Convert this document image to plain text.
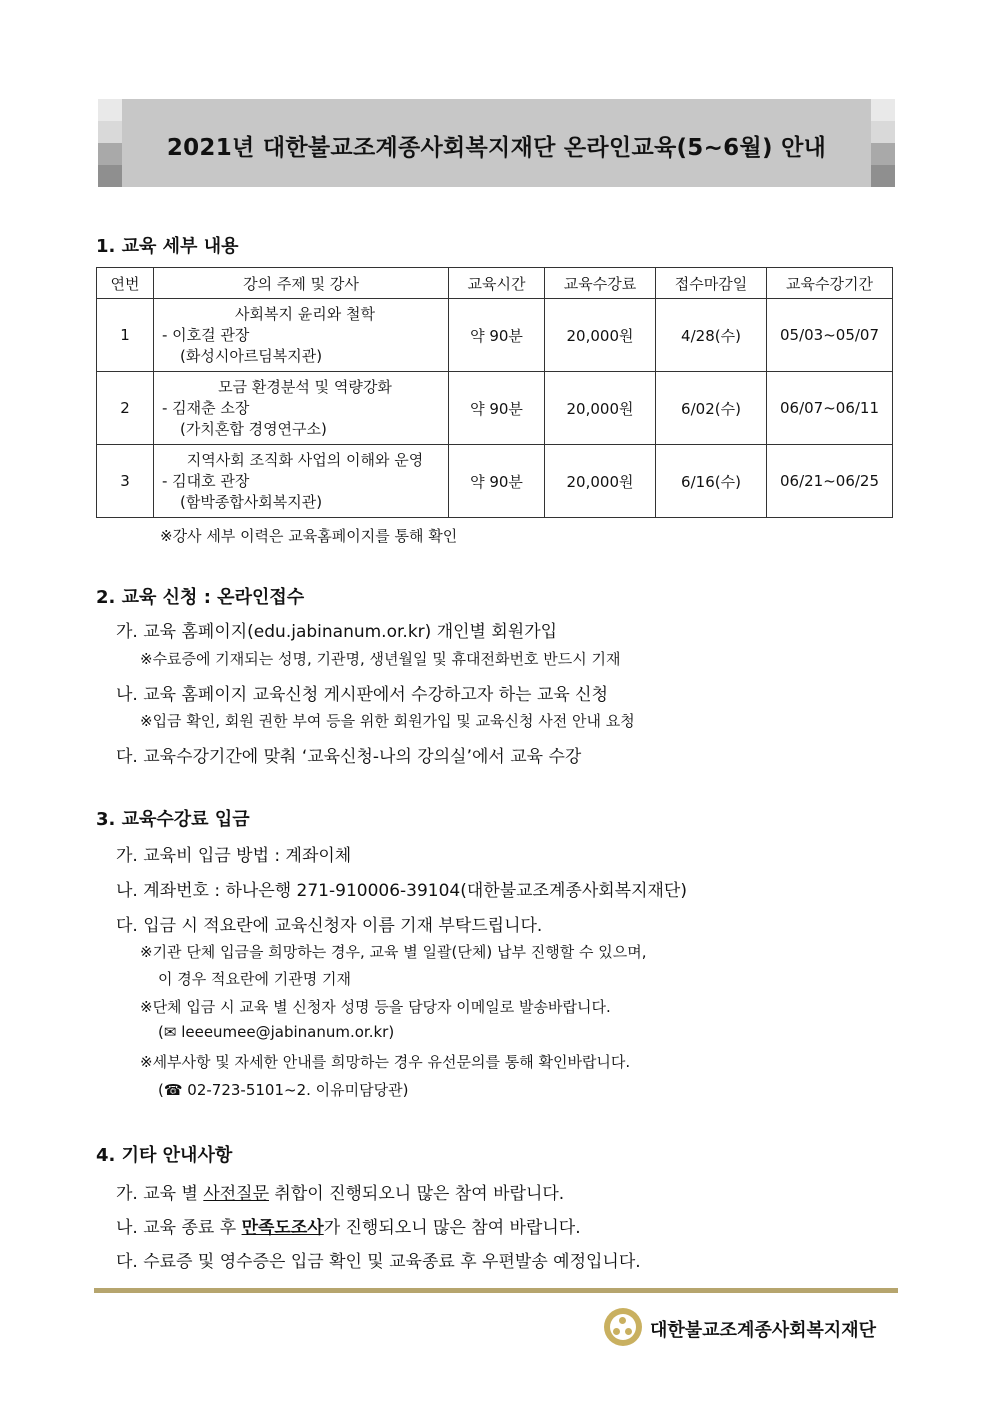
2021년 대한불교조계종사회복지재단 온라인교육(5~6월) 안내
1. 교육 세부 내용
연번	강의 주제 및 강사	교육시간	교육수강료	접수마감일	교육수강기간
1	사회복지 윤리와 철학
- 이호걸 관장
(화성시아르딤복지관)	약 90분	20,000원	4/28(수)	05/03~05/07
2	모금 환경분석 및 역량강화
- 김재춘 소장
(가치혼합 경영연구소)	약 90분	20,000원	6/02(수)	06/07~06/11
3	지역사회 조직화 사업의 이해와 운영
- 김대호 관장
(함박종합사회복지관)	약 90분	20,000원	6/16(수)	06/21~06/25
※강사 세부 이력은 교육홈페이지를 통해 확인
2. 교육 신청 : 온라인접수
가. 교육 홈페이지(edu.jabinanum.or.kr) 개인별 회원가입
※수료증에 기재되는 성명, 기관명, 생년월일 및 휴대전화번호 반드시 기재
나. 교육 홈페이지 교육신청 게시판에서 수강하고자 하는 교육 신청
※입금 확인, 회원 권한 부여 등을 위한 회원가입 및 교육신청 사전 안내 요청
다. 교육수강기간에 맞춰 ‘교육신청-나의 강의실’에서 교육 수강
3. 교육수강료 입금
가. 교육비 입금 방법 : 계좌이체
나. 계좌번호 : 하나은행 271-910006-39104(대한불교조계종사회복지재단)
다. 입금 시 적요란에 교육신청자 이름 기재 부탁드립니다.
※기관 단체 입금을 희망하는 경우, 교육 별 일괄(단체) 납부 진행할 수 있으며,
이 경우 적요란에 기관명 기재
※단체 입금 시 교육 별 신청자 성명 등을 담당자 이메일로 발송바랍니다.
(✉ leeeumee@jabinanum.or.kr)
※세부사항 및 자세한 안내를 희망하는 경우 유선문의를 통해 확인바랍니다.
(☎ 02-723-5101~2. 이유미담당관)
4. 기타 안내사항
가. 교육 별 사전질문 취합이 진행되오니 많은 참여 바랍니다.
나. 교육 종료 후 만족도조사가 진행되오니 많은 참여 바랍니다.
다. 수료증 및 영수증은 입금 확인 및 교육종료 후 우편발송 예정입니다.
대한불교조계종사회복지재단
